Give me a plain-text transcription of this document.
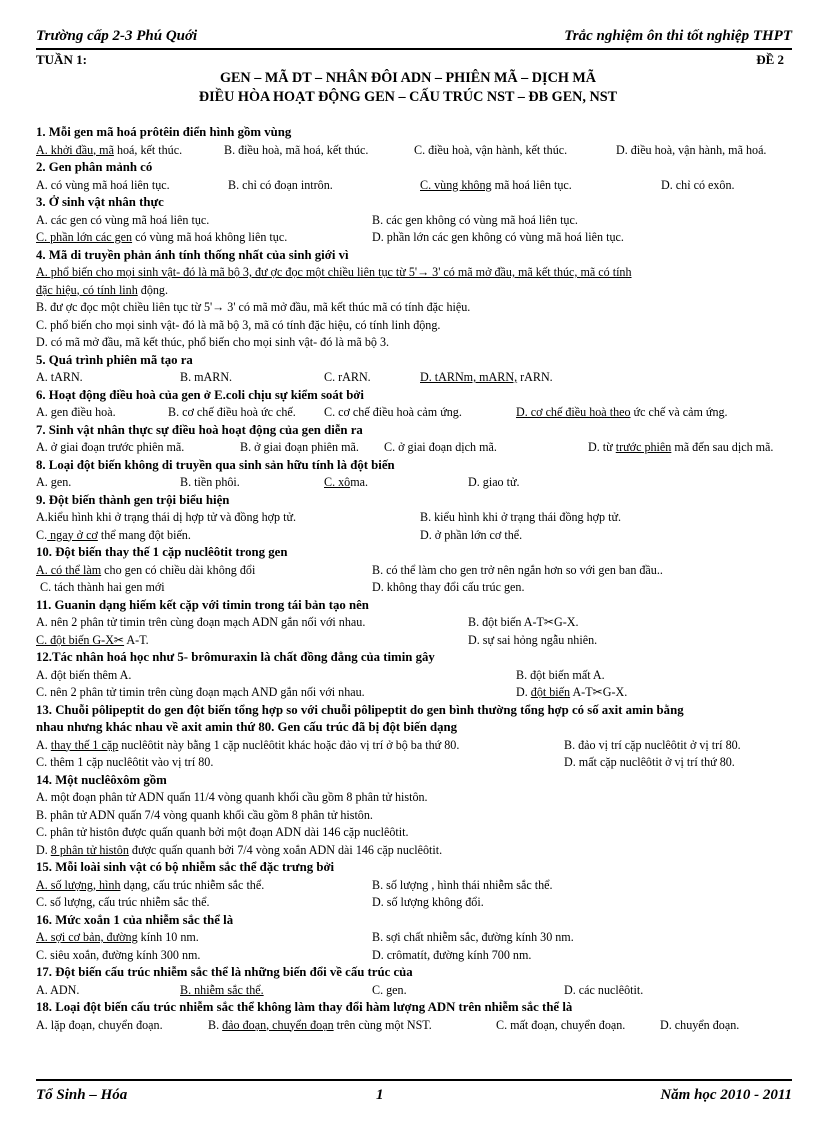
Trường cấp 2-3 Phú Quới	Trắc nghiệm ôn thi tốt nghiệp THPT
TUẦN 1:	ĐỀ 2
GEN – MÃ DT – NHÂN ĐÔI ADN – PHIÊN MÃ – DỊCH MÃ
ĐIỀU HÒA HOẠT ĐỘNG GEN – CẤU TRÚC NST – ĐB GEN, NST
1. Mỗi gen mã hoá prôtêin điển hình gồm vùng
A. khởi đầu, mã hoá, kết thúc.	B. điều hoà, mã hoá, kết thúc.	C. điều hoà, vận hành, kết thúc.	D. điều hoà, vận hành, mã hoá.
2. Gen phân mảnh có
A. có vùng mã hoá liên tục.	B. chỉ có đoạn intrôn.	C. vùng không mã hoá liên tục.	D. chỉ có exôn.
3. Ở sinh vật nhân thực
A. các gen có vùng mã hoá liên tục.	B. các gen không có vùng mã hoá liên tục.
C. phần lớn các gen có vùng mã hoá không liên tục.	D. phần lớn các gen không có vùng mã hoá liên tục.
4. Mã di truyền phản ánh tính thống nhất của sinh giới vì
A. phổ biến cho mọi sinh vật- đó là mã bộ 3, đư ợc đọc một chiều liên tục từ 5'→ 3' có mã mở đầu, mã kết thúc, mã có tính
đặc hiệu, có tính linh động.
B. đư ợc đọc một chiều liên tục từ 5'→ 3' có mã mở đầu, mã kết thúc mã có tính đặc hiệu.
C. phổ biến cho mọi sinh vật- đó là mã bộ 3, mã có tính đặc hiệu, có tính linh động.
D. có mã mở đầu, mã kết thúc, phổ biến cho mọi sinh vật- đó là mã bộ 3.
5. Quá trình phiên mã tạo ra
A. tARN.	B. mARN.	C. rARN.	D. tARNm, mARN, rARN.
6. Hoạt động điều hoà của gen ở E.coli chịu sự kiểm soát bởi
A. gen điều hoà.	B. cơ chế điều hoà ức chế. C. cơ chế điều hoà cảm ứng.	D. cơ chế điều hoà theo ức chế và cảm ứng.
7. Sinh vật nhân thực sự điều hoà hoạt động của gen diễn ra
A. ở giai đoạn trước phiên mã.	B. ở giai đoạn phiên mã. C. ở giai đoạn dịch mã.	D. từ trước phiên mã đến sau dịch mã.
8. Loại đột biến không di truyền qua sinh sản hữu tính là đột biến
A. gen.	B. tiền phôi.	C. xôma.	D. giao tử.
9. Đột biến thành gen trội biểu hiện
A.kiểu hình khi ở trạng thái dị hợp tử và đồng hợp tử.	B. kiểu hình khi ở trạng thái đồng hợp tử.
C. ngay ở cơ thể mang đột biến.	D. ở phần lớn cơ thể.
10. Đột biến thay thế 1 cặp nuclêôtit trong gen
A. có thể làm cho gen có chiều dài không đổi	B. có thể làm cho gen trở nên ngắn hơn so với gen ban đầu..
C. tách thành hai gen mới	D. không thay đổi cấu trúc gen.
11. Guanin dạng hiếm kết cặp với timin trong tái bản tạo nên
A. nên 2 phân tử timin trên cùng đoạn mạch ADN gắn nối với nhau.	B. đột biến A-T✂G-X.
C. đột biến G-X✂ A-T.	D. sự sai hỏng ngẫu nhiên.
12.Tác nhân hoá học như 5- brômuraxin là chất đồng đẳng của timin gây
A. đột biến thêm A.	B. đột biến mất A.
C. nên 2 phân tử timin trên cùng đoạn mạch AND gắn nối với nhau.	D. đột biến A-T✂G-X.
13. Chuỗi pôlipeptit do gen đột biến tổng hợp so với chuỗi pôlipeptit do gen bình thường tổng hợp có số axit amin bằng
nhau nhưng khác nhau về axit amin thứ 80. Gen cấu trúc đã bị đột biến dạng
A. thay thế 1 cặp nuclêôtit này bằng 1 cặp nuclêôtit khác hoặc đảo vị trí ở bộ ba thứ 80.	B. đảo vị trí cặp nuclêôtit ở vị trí 80.
C. thêm 1 cặp nuclêôtit vào vị trí 80.	D. mất cặp nuclêôtit ở vị trí thứ 80.
14. Một nuclêôxôm gồm
A. một đoạn phân tử ADN quấn 11/4 vòng quanh khối cầu gồm 8 phân tử histôn.
B. phân tử ADN quấn 7/4 vòng quanh khối cầu gồm 8 phân tử histôn.
C. phân tử histôn được quấn quanh bởi một đoạn ADN dài 146 cặp nuclêôtit.
D. 8 phân tử histôn được quấn quanh bởi 7/4 vòng xoắn ADN dài 146 cặp nuclêôtit.
15. Mỗi loài sinh vật có bộ nhiễm sắc thể đặc trưng bởi
A. số lượng, hình dạng, cấu trúc nhiễm sắc thể.	B. số lượng , hình thái nhiễm sắc thể.
C. số lượng, cấu trúc nhiễm sắc thể.	D. số lượng không đổi.
16. Mức xoắn 1 của nhiễm sắc thể là
A. sợi cơ bản, đường kính 10 nm.	B. sợi chất nhiễm sắc, đường kính 30 nm.
C. siêu xoắn, đường kính 300 nm.	D. crômatít, đường kính 700 nm.
17. Đột biến cấu trúc nhiễm sắc thể là những biến đổi về cấu trúc của
A. ADN.	B. nhiễm sắc thể.	C. gen.	D. các nuclêôtit.
18. Loại đột biến cấu trúc nhiễm sắc thể không làm thay đổi hàm lượng ADN trên nhiễm sắc thể là
A. lặp đoạn, chuyển đoạn.	B. đảo đoạn, chuyển đoạn trên cùng một NST.	C. mất đoạn, chuyển đoạn.	D. chuyển đoạn.
Tổ Sinh – Hóa	1	Năm học 2010 - 2011
